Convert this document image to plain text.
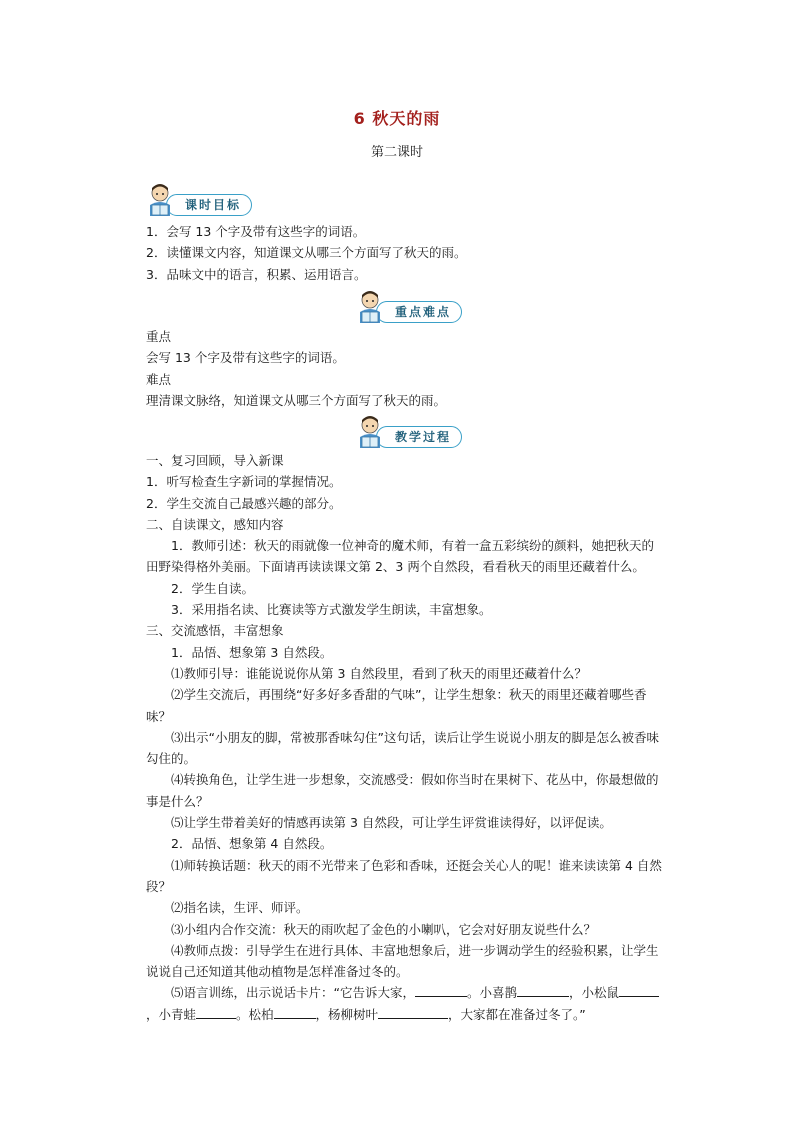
6 秋天的雨
第二课时
课时目标
1．会写 13 个字及带有这些字的词语。
2．读懂课文内容，知道课文从哪三个方面写了秋天的雨。
3．品味文中的语言，积累、运用语言。
重点难点
重点
会写 13 个字及带有这些字的词语。
难点
理清课文脉络，知道课文从哪三个方面写了秋天的雨。
教学过程
一、复习回顾，导入新课
1．听写检查生字新词的掌握情况。
2．学生交流自己最感兴趣的部分。
二、自读课文，感知内容
1．教师引述：秋天的雨就像一位神奇的魔术师，有着一盒五彩缤纷的颜料，她把秋天的田野染得格外美丽。下面请再读读课文第 2、3 两个自然段，看看秋天的雨里还藏着什么。
2．学生自读。
3．采用指名读、比赛读等方式激发学生朗读，丰富想象。
三、交流感悟，丰富想象
1．品悟、想象第 3 自然段。
⑴教师引导：谁能说说你从第 3 自然段里，看到了秋天的雨里还藏着什么？
⑵学生交流后，再围绕“好多好多香甜的气味”，让学生想象：秋天的雨里还藏着哪些香味？
⑶出示“小朋友的脚，常被那香味勾住”这句话，读后让学生说说小朋友的脚是怎么被香味勾住的。
⑷转换角色，让学生进一步想象，交流感受：假如你当时在果树下、花丛中，你最想做的事是什么？
⑸让学生带着美好的情感再读第 3 自然段，可让学生评赏谁读得好，以评促读。
2．品悟、想象第 4 自然段。
⑴师转换话题：秋天的雨不光带来了色彩和香味，还挺会关心人的呢！谁来读读第 4 自然段？
⑵指名读，生评、师评。
⑶小组内合作交流：秋天的雨吹起了金色的小喇叭，它会对好朋友说些什么？
⑷教师点拨：引导学生在进行具体、丰富地想象后，进一步调动学生的经验积累，让学生说说自己还知道其他动植物是怎样准备过冬的。
⑸语言训练，出示说话卡片：“它告诉大家，	。小喜鹊	，小松鼠，小青蛙	。松柏	，杨柳树叶	，大家都在准备过冬了。”
